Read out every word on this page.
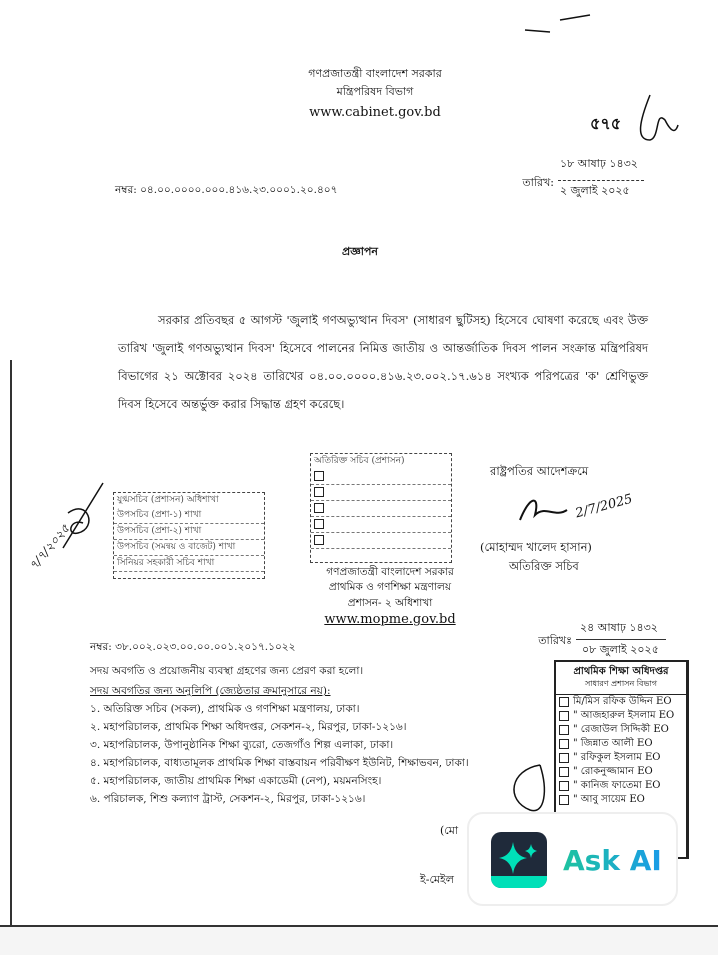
গণপ্রজাতন্ত্রী বাংলাদেশ সরকার
মন্ত্রিপরিষদ বিভাগ
www.cabinet.gov.bd
৫৭৫
১৮ আষাঢ় ১৪৩২
তারিখ:
২ জুলাই ২০২৫
নম্বর: ০৪.০০.০০০০.০০০.৪১৬.২৩.০০০১.২০.৪০৭
প্রজ্ঞাপন
সরকার প্রতিবছর ৫ আগস্ট 'জুলাই গণঅভ্যুত্থান দিবস' (সাধারণ ছুটিসহ) হিসেবে ঘোষণা করেছে এবং উক্ত তারিখ 'জুলাই গণঅভ্যুত্থান দিবস' হিসেবে পালনের নিমিত্ত জাতীয় ও আন্তর্জাতিক দিবস পালন সংক্রান্ত মন্ত্রিপরিষদ বিভাগের ২১ অক্টোবর ২০২৪ তারিখের ০৪.০০.০০০০.৪১৬.২৩.০০২.১৭.৬১৪ সংখ্যক পরিপত্রের 'ক' শ্রেণিভুক্ত দিবস হিসেবে অন্তর্ভুক্ত করার সিদ্ধান্ত গ্রহণ করেছে।
যুগ্মসচিব (প্রশাসন) অধিশাখা
উপসচিব (প্রশা-১) শাখা
উপসচিব (প্রশা-২) শাখা
উপসচিব (সমন্বয় ও বাজেট) শাখা
সিনিয়র সহকারী সচিব শাখা
৭/৭/২০২৫
অতিরিক্ত সচিব (প্রশাসন)
রাষ্ট্রপতির আদেশক্রমে
2/7/2025
(মোহাম্মদ খালেদ হাসান)
অতিরিক্ত সচিব
গণপ্রজাতন্ত্রী বাংলাদেশ সরকার
প্রাথমিক ও গণশিক্ষা মন্ত্রণালয়
প্রশাসন- ২ অধিশাখা
www.mopme.gov.bd
২৪ আষাঢ় ১৪৩২
তারিখঃ
০৮ জুলাই ২০২৫
নম্বর: ৩৮.০০২.০২৩.০০.০০.০০১.২০১৭.১০২২
সদয় অবগতি ও প্রয়োজনীয় ব্যবস্থা গ্রহণের জন্য প্রেরণ করা হলো।
সদয় অবগতির জন্য অনুলিপি (জ্যেষ্ঠতার ক্রমানুসারে নয়):
১. অতিরিক্ত সচিব (সকল), প্রাথমিক ও গণশিক্ষা মন্ত্রণালয়, ঢাকা।
২. মহাপরিচালক, প্রাথমিক শিক্ষা অধিদপ্তর, সেকশন-২, মিরপুর, ঢাকা-১২১৬।
৩. মহাপরিচালক, উপানুষ্ঠানিক শিক্ষা ব্যুরো, তেজগাঁও শিল্প এলাকা, ঢাকা।
৪. মহাপরিচালক, বাধ্যতামূলক প্রাথমিক শিক্ষা বাস্তবায়ন পরিবীক্ষণ ইউনিট, শিক্ষাভবন, ঢাকা।
৫. মহাপরিচালক, জাতীয় প্রাথমিক শিক্ষা একাডেমী (নেপ), ময়মনসিংহ।
৬. পরিচালক, শিশু কল্যাণ ট্রাস্ট, সেকশন-২, মিরপুর, ঢাকা-১২১৬।
(মো
ই-মেইল
প্রাথমিক শিক্ষা অধিদপ্তর
সাধারণ প্রশাসন বিভাগ
মি/মিস রফিক উদ্দিন EO
" আজহারুল ইসলাম EO
" রেজাউল সিদ্দিকী EO
" জিন্নাত আলী EO
" রফিকুল ইসলাম EO
" রোকনুজ্জামান EO
" কানিজ ফাতেমা EO
" আবু সায়েম EO
Ask AI
